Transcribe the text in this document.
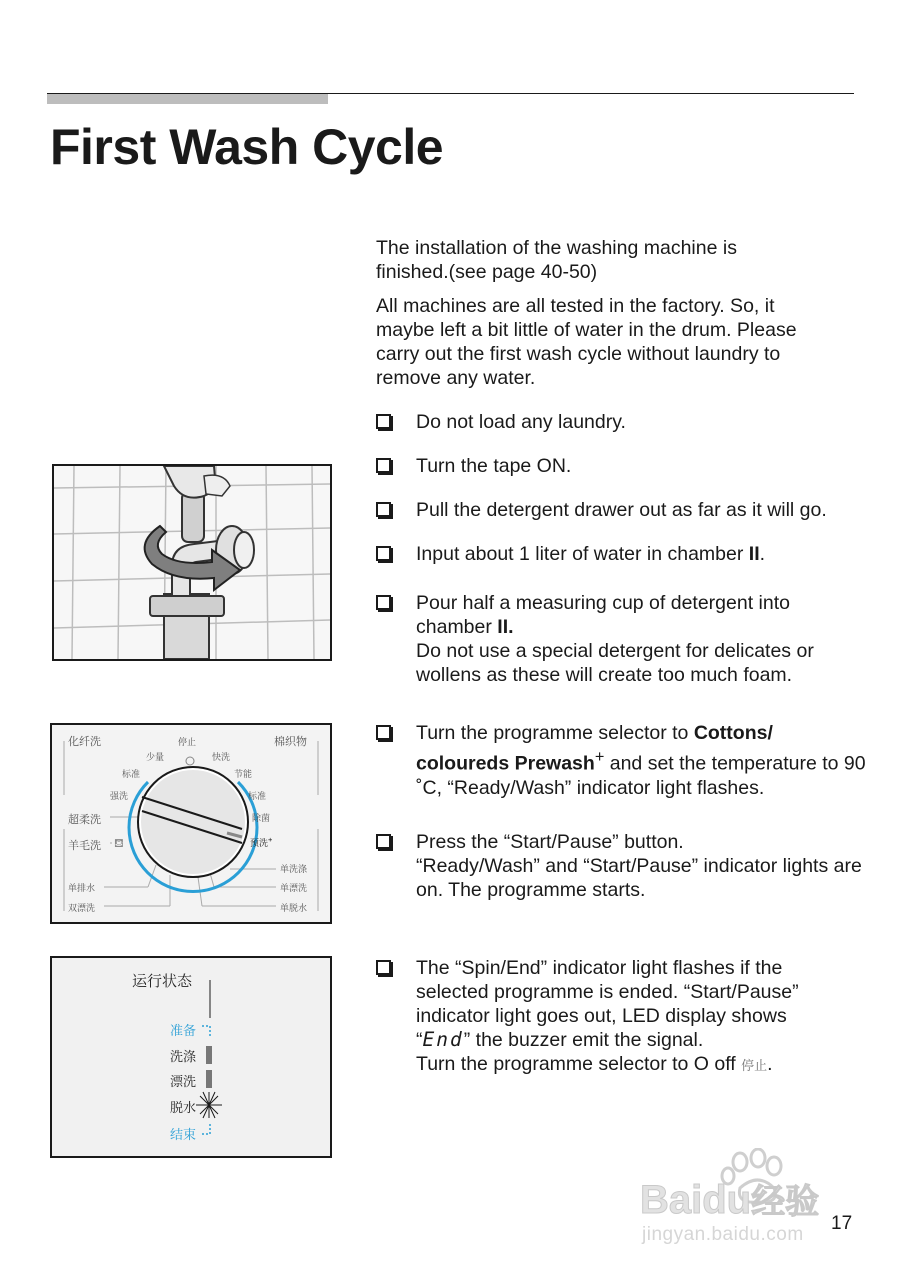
First Wash Cycle
The installation of the washing machine is finished.(see page 40-50)
All machines are all tested in the factory. So, it maybe left a bit little of water in the drum. Please carry out the first wash cycle without laundry to remove any water.
Do not load any laundry.
Turn the tape ON.
Pull the detergent drawer out as far as it will go.
Input about 1 liter of water in chamber II.
Pour half a measuring cup of detergent into chamber II.
Do not use a special detergent for delicates or wollens as these will create too much foam.
Turn the programme selector to Cottons/ coloureds Prewash+ and set the temperature to 90 ˚C, “Ready/Wash” indicator light flashes.
Press the “Start/Pause” button.
“Ready/Wash” and “Start/Pause” indicator lights are on. The programme starts.
The “Spin/End” indicator light flashes if the selected programme is ended. “Start/Pause” indicator light goes out, LED display shows “End” the buzzer emit the signal.
Turn the programme selector to O off 停止.
化纤洗	停止	棉织物
少量	快洗
标准	节能
强洗	标准
超柔洗	除菌
羊毛洗 ⛾	预洗+
单洗涤
单排水	单漂洗
双漂洗	单脱水
运行状态
准备
洗涤
漂洗
脱水
结束
Baidu经验
jingyan.baidu.com
17
